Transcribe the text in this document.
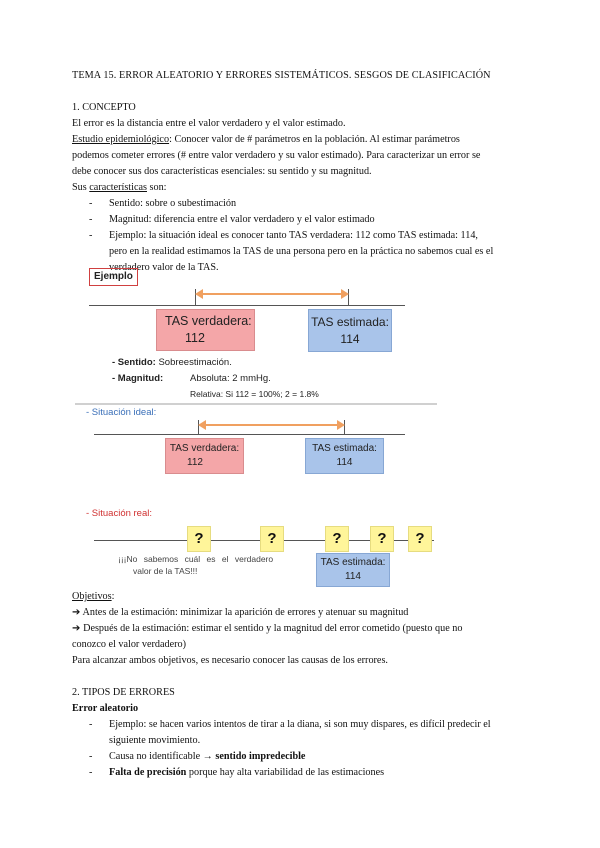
TEMA 15. ERROR ALEATORIO Y ERRORES SISTEMÁTICOS. SESGOS DE CLASIFICACIÓN
1. CONCEPTO
El error es la distancia entre el valor verdadero y el valor estimado.
Estudio epidemiológico: Conocer valor de # parámetros en la población. Al estimar parámetros
podemos cometer errores (# entre valor verdadero y su valor estimado). Para caracterizar un error se
debe conocer sus dos características esenciales: su sentido y su magnitud.
Sus características son:
- Sentido: sobre o subestimación
- Magnitud: diferencia entre el valor verdadero y el valor estimado
- Ejemplo: la situación ideal es conocer tanto TAS verdadera: 112 como TAS estimada: 114,
pero en la realidad estimamos la TAS de una persona pero en la práctica no sabemos cual es el
verdadero valor de la TAS.
Ejemplo
TAS verdadera:
112
TAS estimada:
114
- Sentido: Sobreestimación.
- Magnitud:	Absoluta: 2 mmHg.
Relativa: Si 112 = 100%; 2 = 1.8%
- Situación ideal:
TAS verdadera:
112
TAS estimada:
114
- Situación real:
?	?	?	?	?
¡¡¡No sabemos cuál es el verdadero
valor de la TAS!!!
TAS estimada:
114
Objetivos:
➔ Antes de la estimación: minimizar la aparición de errores y atenuar su magnitud
➔ Después de la estimación: estimar el sentido y la magnitud del error cometido (puesto que no
conozco el valor verdadero)
Para alcanzar ambos objetivos, es necesario conocer las causas de los errores.
2. TIPOS DE ERRORES
Error aleatorio
- Ejemplo: se hacen varios intentos de tirar a la diana, si son muy dispares, es difícil predecir el
siguiente movimiento.
- Causa no identificable → sentido impredecible
- Falta de precisión porque hay alta variabilidad de las estimaciones
